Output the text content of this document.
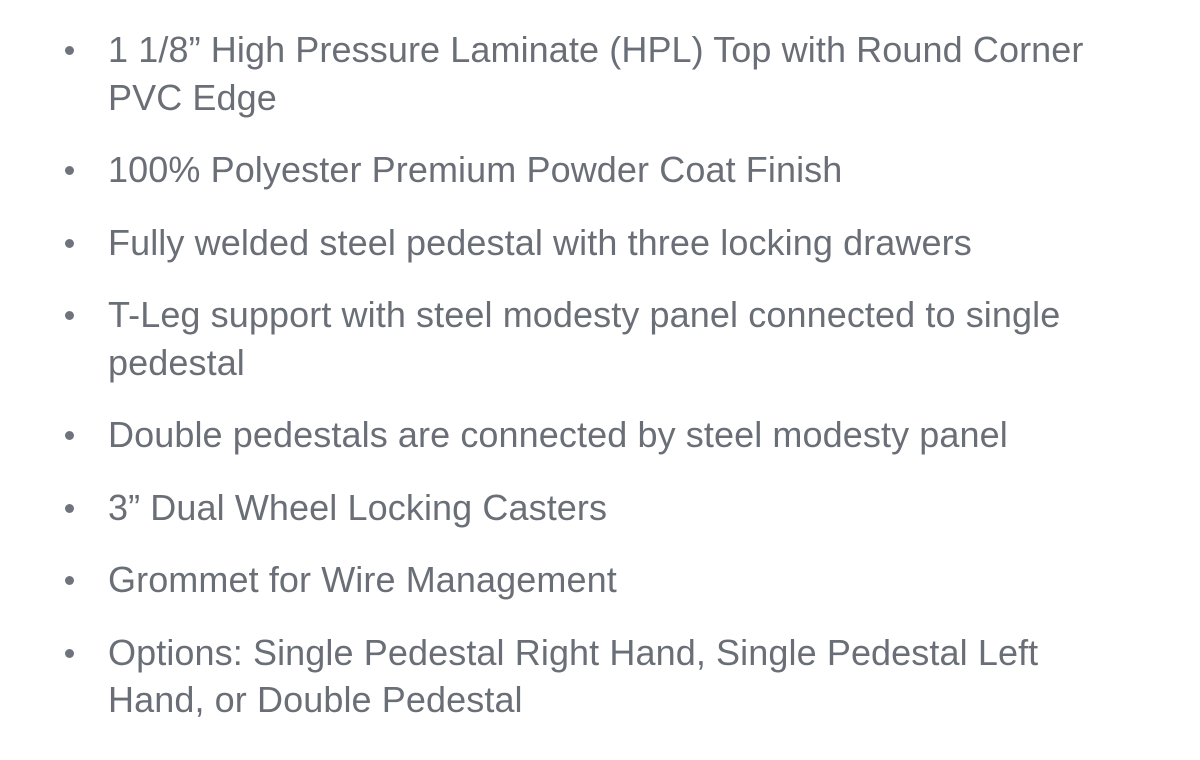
1 1/8” High Pressure Laminate (HPL) Top with Round Corner PVC Edge
100% Polyester Premium Powder Coat Finish
Fully welded steel pedestal with three locking drawers
T-Leg support with steel modesty panel connected to single pedestal
Double pedestals are connected by steel modesty panel
3” Dual Wheel Locking Casters
Grommet for Wire Management
Options: Single Pedestal Right Hand, Single Pedestal Left Hand, or Double Pedestal
